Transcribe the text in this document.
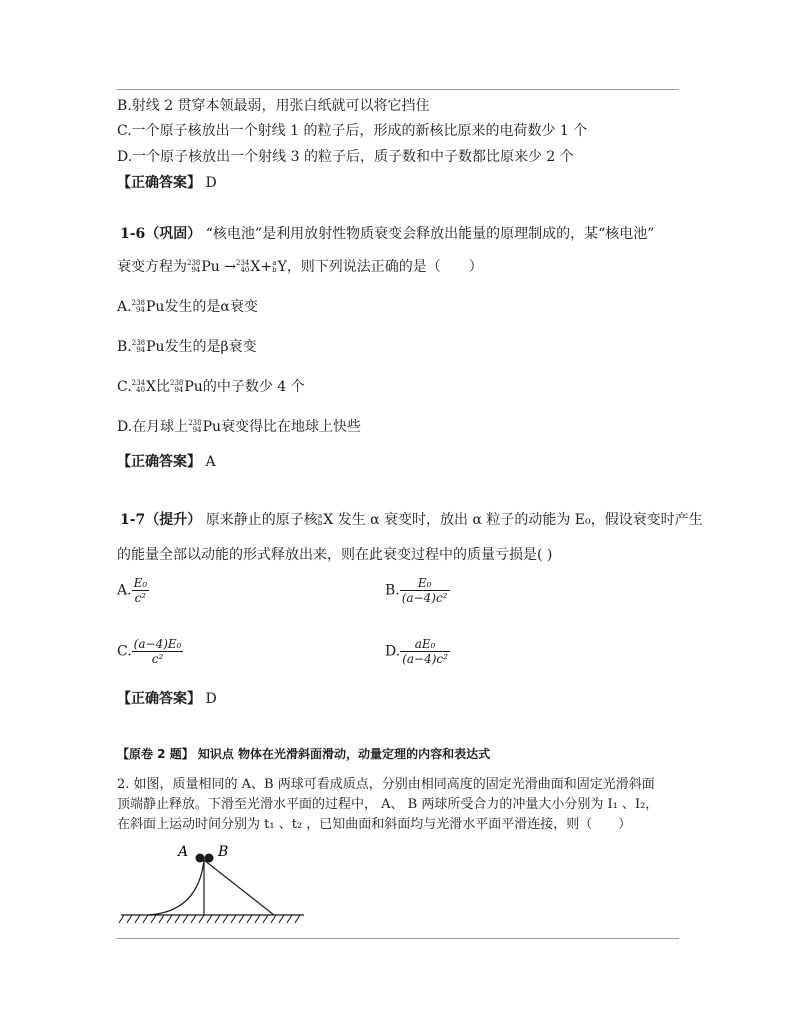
B.射线 2 贯穿本领最弱，用张白纸就可以将它挡住
C.一个原子核放出一个射线 1 的粒子后，形成的新核比原来的电荷数少 1 个
D.一个原子核放出一个射线 3 的粒子后，质子数和中子数都比原来少 2 个
【正确答案】 D
1-6（巩固） “核电池”是利用放射性物质衰变会释放出能量的原理制成的，某“核电池”
衰变方程为 238
94 Pu → 234
40 X+ a
b Y，则下列说法正确的是（　　）
A. 238
94 Pu发生的是α衰变
B. 238
94 Pu发生的是β衰变
C. 234
40 X比 238
94 Pu的中子数少 4 个
D.在月球上 238
94 Pu衰变得比在地球上快些
【正确答案】 A
1-7（提升） 原来静止的原子核 a
b X 发生 α 衰变时，放出 α 粒子的动能为 E₀，假设衰变时产生
的能量全部以动能的形式释放出来，则在此衰变过程中的质量亏损是( )
A. $\frac{\text{E₀}}{\text{c²}}$	B. $\frac{\text{E₀}}{\text{(a−4)c²}}$
C. $\frac{\text{(a−4)E₀}}{\text{c²}}$	D. $\frac{\text{aE₀}}{\text{(a−4)c²}}$
【正确答案】 D
【原卷 2 题】 知识点 物体在光滑斜面滑动，动量定理的内容和表达式
2. 如图，质量相同的 A、B 两球可看成质点，分别由相同高度的固定光滑曲面和固定光滑斜面
顶端静止释放。下滑至光滑水平面的过程中， A、 B 两球所受合力的冲量大小分别为 I₁ 、I₂，
在斜面上运动时间分别为 t₁ 、t₂ ，已知曲面和斜面均与光滑水平面平滑连接，则（　　）
A B
